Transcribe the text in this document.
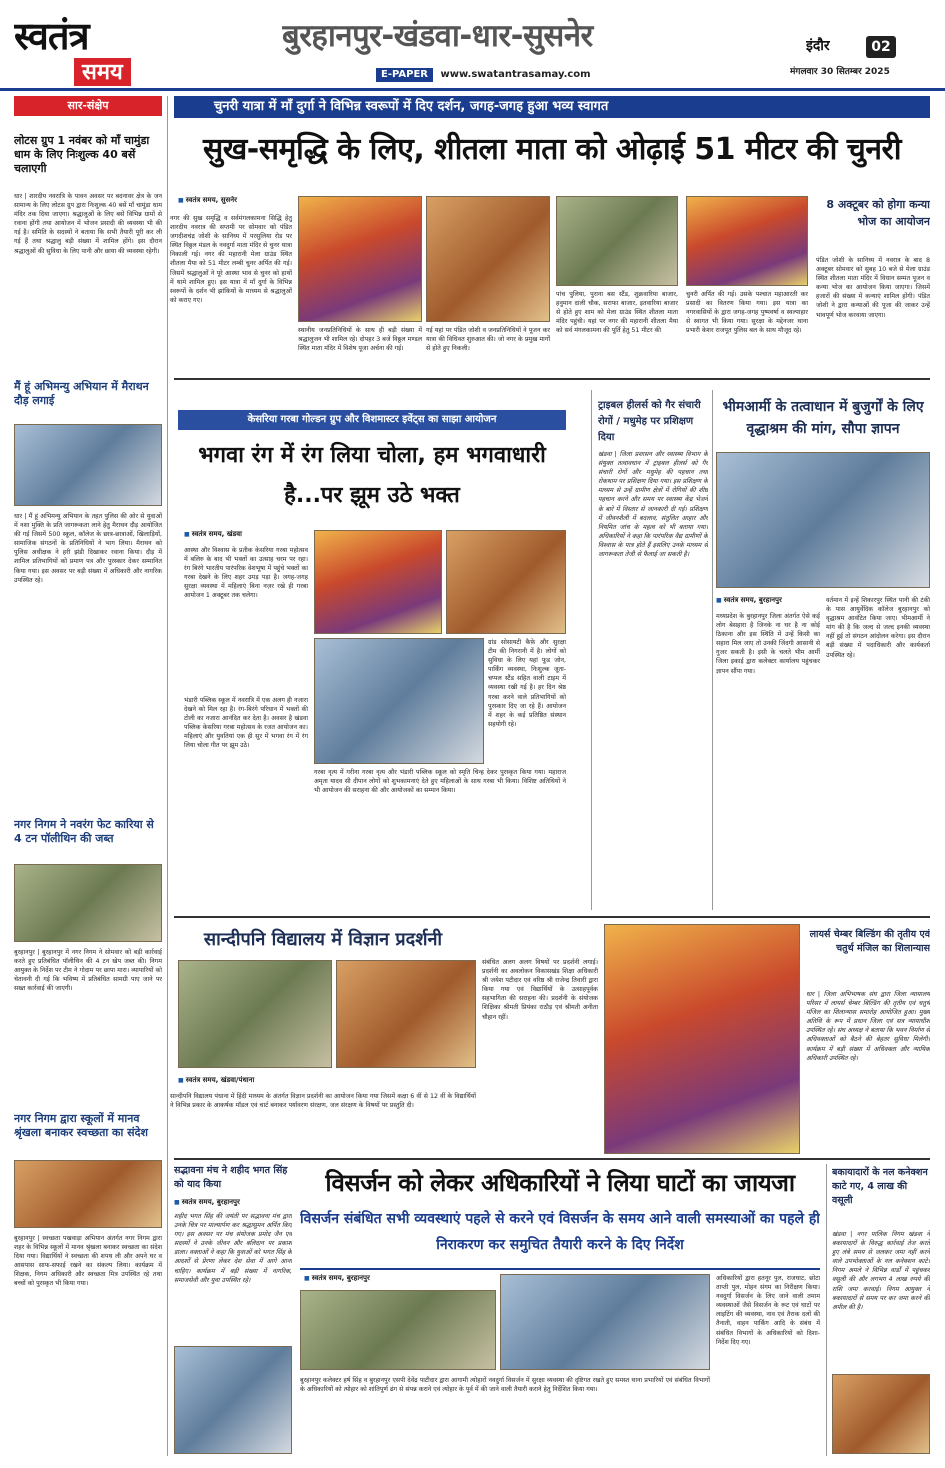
स्वतंत्र
समय
बुरहानपुर-खंडवा-धार-सुसनेर
E-PAPER www.swatantrasamay.com
इंदौर	02
मंगलवार 30 सितम्बर 2025
सार-संक्षेप
लोटस ग्रुप 1 नवंबर को माँ चामुंडा धाम के लिए निःशुल्क 40 बसें चलाएगी
धार | शारदीय नवरात्रि के पावन अवसर पर बदनावर क्षेत्र के जन सामान्य के लिए लोटस ग्रुप द्वारा निःशुल्क 40 बसें माँ चामुंडा धाम मंदिर तक दिया जाएगा। श्रद्धालुओं के लिए बसें विभिन्न ग्रामों से रवाना होंगी तथा आयोजन में भोजन प्रसादी की व्यवस्था भी की गई है। समिति के सदस्यों ने बताया कि सभी तैयारी पूरी कर ली गई हैं तथा श्रद्धालु बड़ी संख्या में शामिल होंगे। इस दौरान श्रद्धालुओं की सुविधा के लिए पानी और छाया की व्यवस्था रहेगी।
मैं हूं अभिमन्यु अभियान में मैराथन दौड़ लगाई
धार | मैं हूं अभिमन्यु अभियान के तहत पुलिस की ओर से युवाओं में नशा मुक्ति के प्रति जागरूकता लाने हेतु मैराथन दौड़ आयोजित की गई जिसमें 500 स्कूल, कॉलेज के छात्र-छात्राओं, खिलाड़ियों, सामाजिक संगठनों के प्रतिनिधियों ने भाग लिया। मैराथन को पुलिस अधीक्षक ने हरी झंडी दिखाकर रवाना किया। दौड़ में शामिल प्रतिभागियों को प्रमाण पत्र और पुरस्कार देकर सम्मानित किया गया। इस अवसर पर बड़ी संख्या में अधिकारी और नागरिक उपस्थित रहे।
नगर निगम ने नवरंग फेट कारिया से 4 टन पॉलीथिन की जब्त
बुरहानपुर | बुरहानपुर में नगर निगम ने सोमवार को बड़ी कार्रवाई करते हुए प्रतिबंधित पॉलीथिन की 4 टन खेप जब्त की। निगम आयुक्त के निर्देश पर टीम ने गोदाम पर छापा मारा। व्यापारियों को चेतावनी दी गई कि भविष्य में प्रतिबंधित सामग्री पाए जाने पर सख्त कार्रवाई की जाएगी।
नगर निगम द्वारा स्कूलों में मानव श्रृंखला बनाकर स्वच्छता का संदेश
बुरहानपुर | स्वच्छता पखवाड़ा अभियान अंतर्गत नगर निगम द्वारा शहर के विभिन्न स्कूलों में मानव श्रृंखला बनाकर स्वच्छता का संदेश दिया गया। विद्यार्थियों ने स्वच्छता की शपथ ली और अपने घर व आसपास साफ-सफाई रखने का संकल्प लिया। कार्यक्रम में शिक्षक, निगम अधिकारी और स्वच्छता मित्र उपस्थित रहे तथा बच्चों को पुरस्कृत भी किया गया।
चुनरी यात्रा में माँ दुर्गा ने विभिन्न स्वरूपों में दिए दर्शन, जगह-जगह हुआ भव्य स्वागत
सुख-समृद्धि के लिए, शीतला माता को ओढ़ाई 51 मीटर की चुनरी
■ स्वतंत्र समय, सुसनेर
नगर की सुख समृद्धि व सर्वमंगलकामना सिद्धि हेतु शारदीय नवरात्र की सप्तमी पर सोमवार को पंडित जगदीशचंद्र जोशी के सानिध्य में परसुलिया रोड पर स्थित विठ्ठल मंडल के नवदुर्गा माता मंदिर से चुनर यात्रा निकाली गई। नगर की महारानी मेला ग्राउंड स्थित शीतला मैया को 51 मीटर लम्बी चुनर अर्पित की गई। जिसमें श्रद्धालुओं ने पूरे आस्था भाव से चुनर को हाथों में थामे शामिल हुए। इस यात्रा में माँ दुर्गा के विभिन्न स्वरूपों के दर्शन भी झांकियों के माध्यम से श्रद्धालुओं को कराए गए।
स्थानीय जनप्रतिनिधियों के साथ ही बड़ी संख्या में श्रद्धालुजन भी शामिल रहे। दोपहर 3 बजे विठ्ठल मण्डल स्थित माता मंदिर में विशेष पूजा अर्चना की गई।
गई यहां पर पंडित जोशी व जनप्रतिनिधियों ने पूजन कर यात्रा की विधिवत शुरुआत की। जो नगर के प्रमुख मार्गों से होते हुए निकली।
पांच पुलिया, पुराना बस स्टैंड, शुक्रवारिया बाजार, हनुमान दाली चौक, सराफा बाजार, इतवारिया बाजार से होते हुए शाम को मेला ग्राउंड स्थित शीतला माता मंदिर पहुंची। यहां पर नगर की महारानी शीतला मैया को सर्व मंगलकामना की पूर्ति हेतु 51 मीटर की
चुनरी अर्पित की गई। उसके पश्चात महाआरती कर प्रसादी का वितरण किया गया। इस यात्रा का नगरवासियों के द्वारा जगह-जगह पुष्पवर्षा व स्वल्पाहार से स्वागत भी किया गया। सुरक्षा के मद्देनजर थाना प्रभारी केशर राजपूत पुलिस बल के साथ मौजूद रहे।
8 अक्टूबर को होगा कन्या भोज का आयोजन
पंडित जोशी के सानिध्य में नवरात्र के बाद 8 अक्टूबर सोमवार को सुबह 10 बजे से मेला ग्राउंड स्थित शीतला माता मंदिर में विधान सम्मत पूजन व कन्या भोज का आयोजन किया जाएगा। जिसमें हजारों की संख्या में कन्याएं शामिल होंगी। पंडित जोशी ने द्वारा कन्याओं की पूजा की जाकर उन्हें भावपूर्ण भोज करवाया जाएगा।
केसरिया गरबा गोल्डन ग्रुप और विशमास्टर इवेंट्स का साझा आयोजन
भगवा रंग में रंग लिया चोला, हम भगवाधारी है...पर झूम उठे भक्त
■ स्वतंत्र समय, खंडवा
आस्था और विश्वास के प्रतीक केसरिया गरबा महोत्सव में बलिरु के बाद भी भक्तों का उत्साह चरम पर रहा। रंग बिरंगे भारतीय पारंपरिक वेशभूषा में पहुंचे भक्तों का गरबा देखने के लिए शहर उमड़ पड़ा है। जगह-जगह सुरक्षा व्यवस्था में महिलाएं बिना नज़र रखे ही गरबा आयोजन 1 अक्टूबर तक चलेगा।
भंडारी पब्लिक स्कूल में नवरात्रि में एक अलग ही नजारा देखने को मिल रहा है। रंग-बिरंगे परिधान में भक्तों की टोली का नजारा आनंदित कर देता है। अवसर है खंडवा पब्लिक केसरिया गरबा महोत्सव के रजत आयोजन का। महिलाएं और युवतियां एक ही सुर में भगवा रंग में रंग लिया चोला गीत पर झूम उठे।
ग्रांड सोसायटी कैफ़े और सुरक्षा टीम की निगरानी में है। लोगों को सुविधा के लिए यहां फूड जोन, पार्किंग व्यवस्था, निःशुल्क जूता-चप्पल स्टैंड सहित वाली टाइम में व्यवस्था रखी गई है। हर दिन श्रेष्ठ गरबा करने वाले प्रतिभागियों को पुरस्कार दिए जा रहे हैं। आयोजन में शहर के कई प्रतिष्ठित संस्थान सहयोगी रहे।
गरबा नृत्य में गरीना गरबा नृत्य और भंडारी पब्लिक स्कूल को स्मृति चिन्ह देकर पुरस्कृत किया गया। महाराज अमृता यादव सी दीपान लोगों को शुभकामनाएं देते हुए महिलाओं के साथ गरबा भी किया। विशिष्ट अतिथियों ने भी आयोजन की सराहना की और आयोजकों का सम्मान किया।
ट्राइबल हीलर्स को गैर संचारी रोगों / मधुमेह पर प्रशिक्षण दिया
खंडवा | जिला प्रशासन और स्वास्थ्य विभाग के संयुक्त तत्वावधान में ट्राइबल हीलर्स को गैर संचारी रोगों और मधुमेह की पहचान तथा रोकथाम पर प्रशिक्षण दिया गया। इस प्रशिक्षण के माध्यम से उन्हें ग्रामीण क्षेत्रों में रोगियों की शीघ्र पहचान करने और समय पर स्वास्थ्य केंद्र भेजने के बारे में विस्तार से जानकारी दी गई। प्रशिक्षण में जीवनशैली में बदलाव, संतुलित आहार और नियमित जांच के महत्व को भी बताया गया। अधिकारियों ने कहा कि पारंपरिक वैद्य ग्रामीणों के विश्वास के पात्र होते हैं इसलिए उनके माध्यम से जागरूकता तेजी से फैलाई जा सकती है।
भीमआर्मी के तत्वाधान में बुजुर्गों के लिए वृद्धाश्रम की मांग, सौपा ज्ञापन
■ स्वतंत्र समय, बुरहानपुर
मध्यप्रदेश के बुरहानपुर जिला अंतर्गत ऐसे कई लोग बेसहारा है जिनके ना घर है ना कोई ठिकाना और इस स्थिति में उन्हें किसी का सहारा मिल जाए तो उनकी जिंदगी आसानी से गुजर सकती है। इसी के चलते भीम आर्मी जिला इकाई द्वारा कलेक्टर कार्यालय पहुंचकर ज्ञापन सौंपा गया।
वर्तमान में इन्हें शिकारपुर स्थित पानी की टंकी के पास आयुर्वेदिक कॉलेज बुरहानपुर को वृद्धाश्रम आवंटित किया जाए। भीमआर्मी ने मांग की है कि जल्द से जल्द इनकी व्यवस्था नहीं हुई तो संगठन आंदोलन करेगा। इस दौरान बड़ी संख्या में पदाधिकारी और कार्यकर्ता उपस्थित रहे।
सान्दीपनि विद्यालय में विज्ञान प्रदर्शनी
■ स्वतंत्र समय, खंडवा/पंधाना
सान्दीपनि विद्यालय पंधाना में हिंदी माध्यम के अंतर्गत विज्ञान प्रदर्शनी का आयोजन किया गया जिसमें कक्षा 6 वीं से 12 वीं के विद्यार्थियों ने विभिन्न प्रकार के आकर्षक मॉडल एवं चार्ट बनाकर पर्यावरण संरक्षण, जल संरक्षण के विषयों पर प्रस्तुति दी।
संबंधित अलग अलग विषयों पर प्रदर्शनी लगाई। प्रदर्शनी का अवलोकन विकासखंड शिक्षा अधिकारी श्री जयेश पटीदार एवं वरिष्ठ श्री राजेन्द्र तिवारी द्वारा किया गया एवं विद्यार्थियों के उत्साहपूर्वक सहभागिता की सराहना की। प्रदर्शनी के संयोजक शिक्षिका श्रीमती प्रियंका राठौड़ एवं श्रीमती अनीता चौहान रहीं।
लायर्स चेम्बर बिल्डिंग की तृतीय एवं चतुर्थ मंजिल का शिलान्यास
धार | जिला अभिभाषक संघ द्वारा जिला न्यायालय परिसर में लायर्स चेम्बर बिल्डिंग की तृतीय एवं चतुर्थ मंजिल का शिलान्यास समारोह आयोजित हुआ। मुख्य अतिथि के रूप में प्रधान जिला एवं सत्र न्यायाधीश उपस्थित रहे। संघ अध्यक्ष ने बताया कि भवन निर्माण से अधिवक्ताओं को बैठने की बेहतर सुविधा मिलेगी। कार्यक्रम में बड़ी संख्या में अधिवक्ता और न्यायिक अधिकारी उपस्थित रहे।
सद्भावना मंच ने शहीद भगत सिंह को याद किया
■ स्वतंत्र समय, बुरहानपुर
शहीद भगत सिंह की जयंती पर सद्भावना मंच द्वारा उनके चित्र पर माल्यार्पण कर श्रद्धासुमन अर्पित किए गए। इस अवसर पर मंच संयोजक प्रमोद जैन एवं सदस्यों ने उनके जीवन और बलिदान पर प्रकाश डाला। वक्ताओं ने कहा कि युवाओं को भगत सिंह के आदर्शों से प्रेरणा लेकर देश सेवा में आगे आना चाहिए। कार्यक्रम में बड़ी संख्या में नागरिक, समाजसेवी और युवा उपस्थित रहे।
विसर्जन को लेकर अधिकारियों ने लिया घाटों का जायजा
विसर्जन संबंधित सभी व्यवस्थाएं पहले से करने एवं विसर्जन के समय आने वाली समस्याओं का पहले ही निराकरण कर समुचित तैयारी करने के दिए निर्देश
■ स्वतंत्र समय, बुरहानपुर
बुरहानपुर कलेक्टर हर्ष सिंह व बुरहानपुर एसपी देवेंद्र पाटीदार द्वारा आगामी त्योहारों नवदुर्गा विसर्जन में सुरक्षा व्यवस्था की दृष्टिगत रखते हुए समस्त थाना प्रभारियों एवं संबंधित विभागों के अधिकारियों को त्योहार को शांतिपूर्ण ढंग से संपन्न कराने एवं त्योहार के पूर्व में की जाने वाली तैयारी कराने हेतु निर्देशित किया गया।
अधिकारियों द्वारा हतनूर पुल, राजघाट, छोटा ताप्ती पुल, मोहन संगम का निरीक्षण किया। नवदुर्गा विसर्जन के लिए जाने वाली तमाम व्यवस्थाओं जैसे विसर्जन के रूट एवं घाटों पर लाइटिंग की व्यवस्था, नाव एवं तैराक दलों की तैनाती, वाहन पार्किंग आदि के संबंध में संबंधित विभागों के अधिकारियों को दिशा-निर्देश दिए गए।
बकायादारों के नल कनेक्शन काटे गए, 4 लाख की वसूली
खंडवा | नगर पालिक निगम खंडवा ने बकायादारों के विरुद्ध कार्रवाई तेज करते हुए लंबे समय से जलकर जमा नहीं करने वाले उपभोक्ताओं के नल कनेक्शन काटे। निगम अमले ने विभिन्न वार्डों में पहुंचकर वसूली की और लगभग 4 लाख रुपये की राशि जमा करवाई। निगम आयुक्त ने बकायादारों से समय पर कर जमा करने की अपील की है।
